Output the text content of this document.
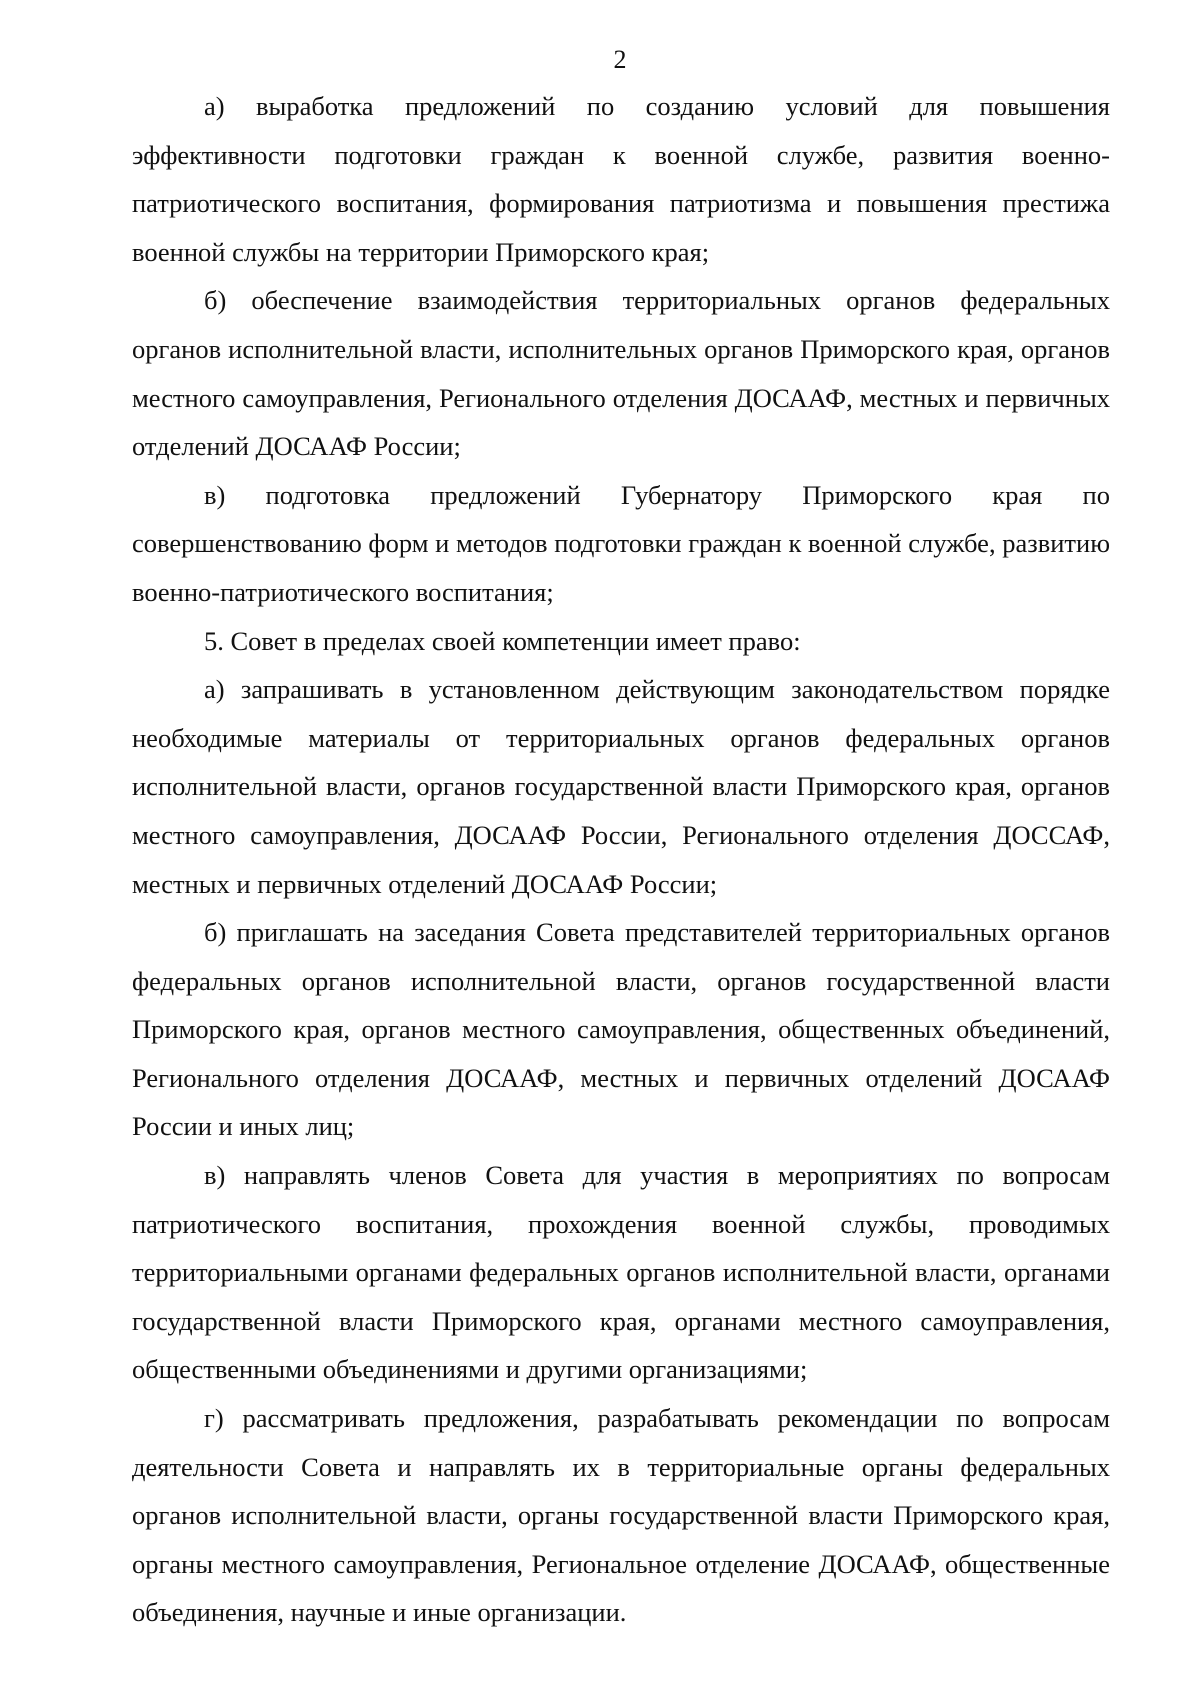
2

а) выработка предложений по созданию условий для повышения эффективности подготовки граждан к военной службе, развития военно-патриотического воспитания, формирования патриотизма и повышения престижа военной службы на территории Приморского края;

б) обеспечение взаимодействия территориальных органов федеральных органов исполнительной власти, исполнительных органов Приморского края, органов местного самоуправления, Регионального отделения ДОСААФ, местных и первичных отделений ДОСААФ России;

в) подготовка предложений Губернатору Приморского края по совершенствованию форм и методов подготовки граждан к военной службе, развитию военно-патриотического воспитания;

5. Совет в пределах своей компетенции имеет право:

а) запрашивать в установленном действующим законодательством порядке необходимые материалы от территориальных органов федеральных органов исполнительной власти, органов государственной власти Приморского края, органов местного самоуправления, ДОСААФ России, Регионального отделения ДОССАФ, местных и первичных отделений ДОСААФ России;

б) приглашать на заседания Совета представителей территориальных органов федеральных органов исполнительной власти, органов государственной власти Приморского края, органов местного самоуправления, общественных объединений, Регионального отделения ДОСААФ, местных и первичных отделений ДОСААФ России и иных лиц;

в) направлять членов Совета для участия в мероприятиях по вопросам патриотического воспитания, прохождения военной службы, проводимых территориальными органами федеральных органов исполнительной власти, органами государственной власти Приморского края, органами местного самоуправления, общественными объединениями и другими организациями;

г) рассматривать предложения, разрабатывать рекомендации по вопросам деятельности Совета и направлять их в территориальные органы федеральных органов исполнительной власти, органы государственной власти Приморского края, органы местного самоуправления, Региональное отделение ДОСААФ, общественные объединения, научные и иные организации.
